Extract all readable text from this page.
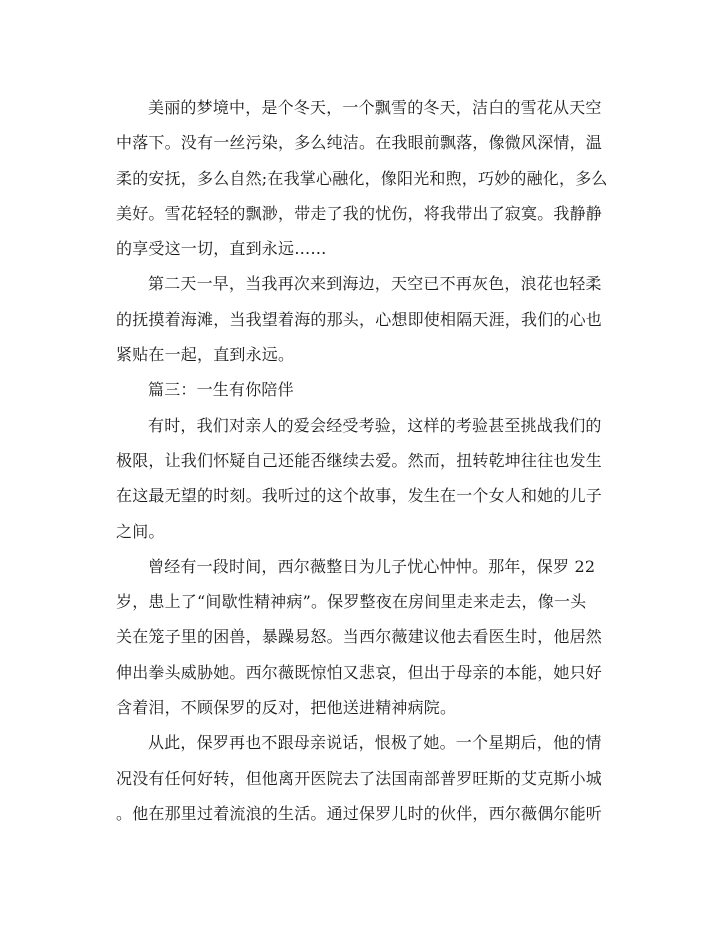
美丽的梦境中，是个冬天，一个飘雪的冬天，洁白的雪花从天空
中落下。没有一丝污染，多么纯洁。在我眼前飘落，像微风深情，温
柔的安抚，多么自然;在我掌心融化，像阳光和煦，巧妙的融化，多么
美好。雪花轻轻的飘渺，带走了我的忧伤，将我带出了寂寞。我静静
的享受这一切，直到永远……
第二天一早，当我再次来到海边，天空已不再灰色，浪花也轻柔
的抚摸着海滩，当我望着海的那头，心想即使相隔天涯，我们的心也
紧贴在一起，直到永远。
篇三：一生有你陪伴
有时，我们对亲人的爱会经受考验，这样的考验甚至挑战我们的
极限，让我们怀疑自己还能否继续去爱。然而，扭转乾坤往往也发生
在这最无望的时刻。我听过的这个故事，发生在一个女人和她的儿子
之间。
曾经有一段时间，西尔薇整日为儿子忧心忡忡。那年，保罗 22
岁，患上了“间歇性精神病”。保罗整夜在房间里走来走去，像一头
关在笼子里的困兽，暴躁易怒。当西尔薇建议他去看医生时，他居然
伸出拳头威胁她。西尔薇既惊怕又悲哀，但出于母亲的本能，她只好
含着泪，不顾保罗的反对，把他送进精神病院。
从此，保罗再也不跟母亲说话，恨极了她。一个星期后，他的情
况没有任何好转，但他离开医院去了法国南部普罗旺斯的艾克斯小城
。他在那里过着流浪的生活。通过保罗儿时的伙伴，西尔薇偶尔能听
